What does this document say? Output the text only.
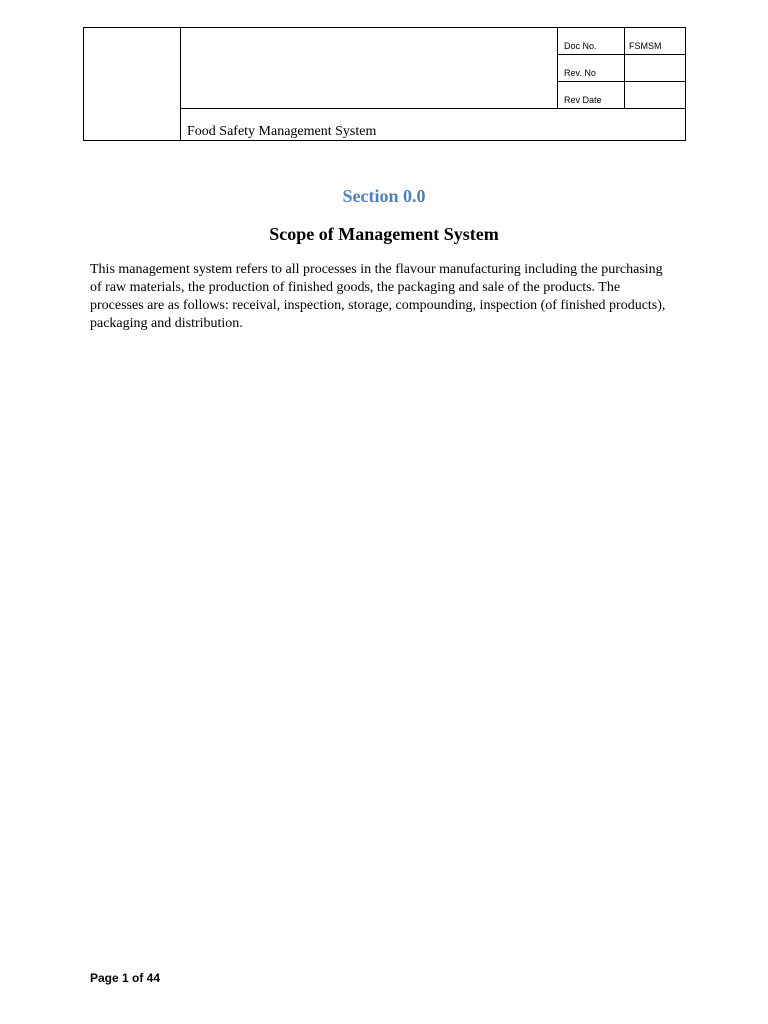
Doc No.	FSMSM
Rev. No
Rev Date
Food Safety Management System
Section 0.0
Scope of Management System

This management system refers to all processes in the flavour manufacturing including the purchasing of raw materials, the production of finished goods, the packaging and sale of the products. The processes are as follows: receival, inspection, storage, compounding, inspection (of finished products), packaging and distribution.

Page 1 of 44
